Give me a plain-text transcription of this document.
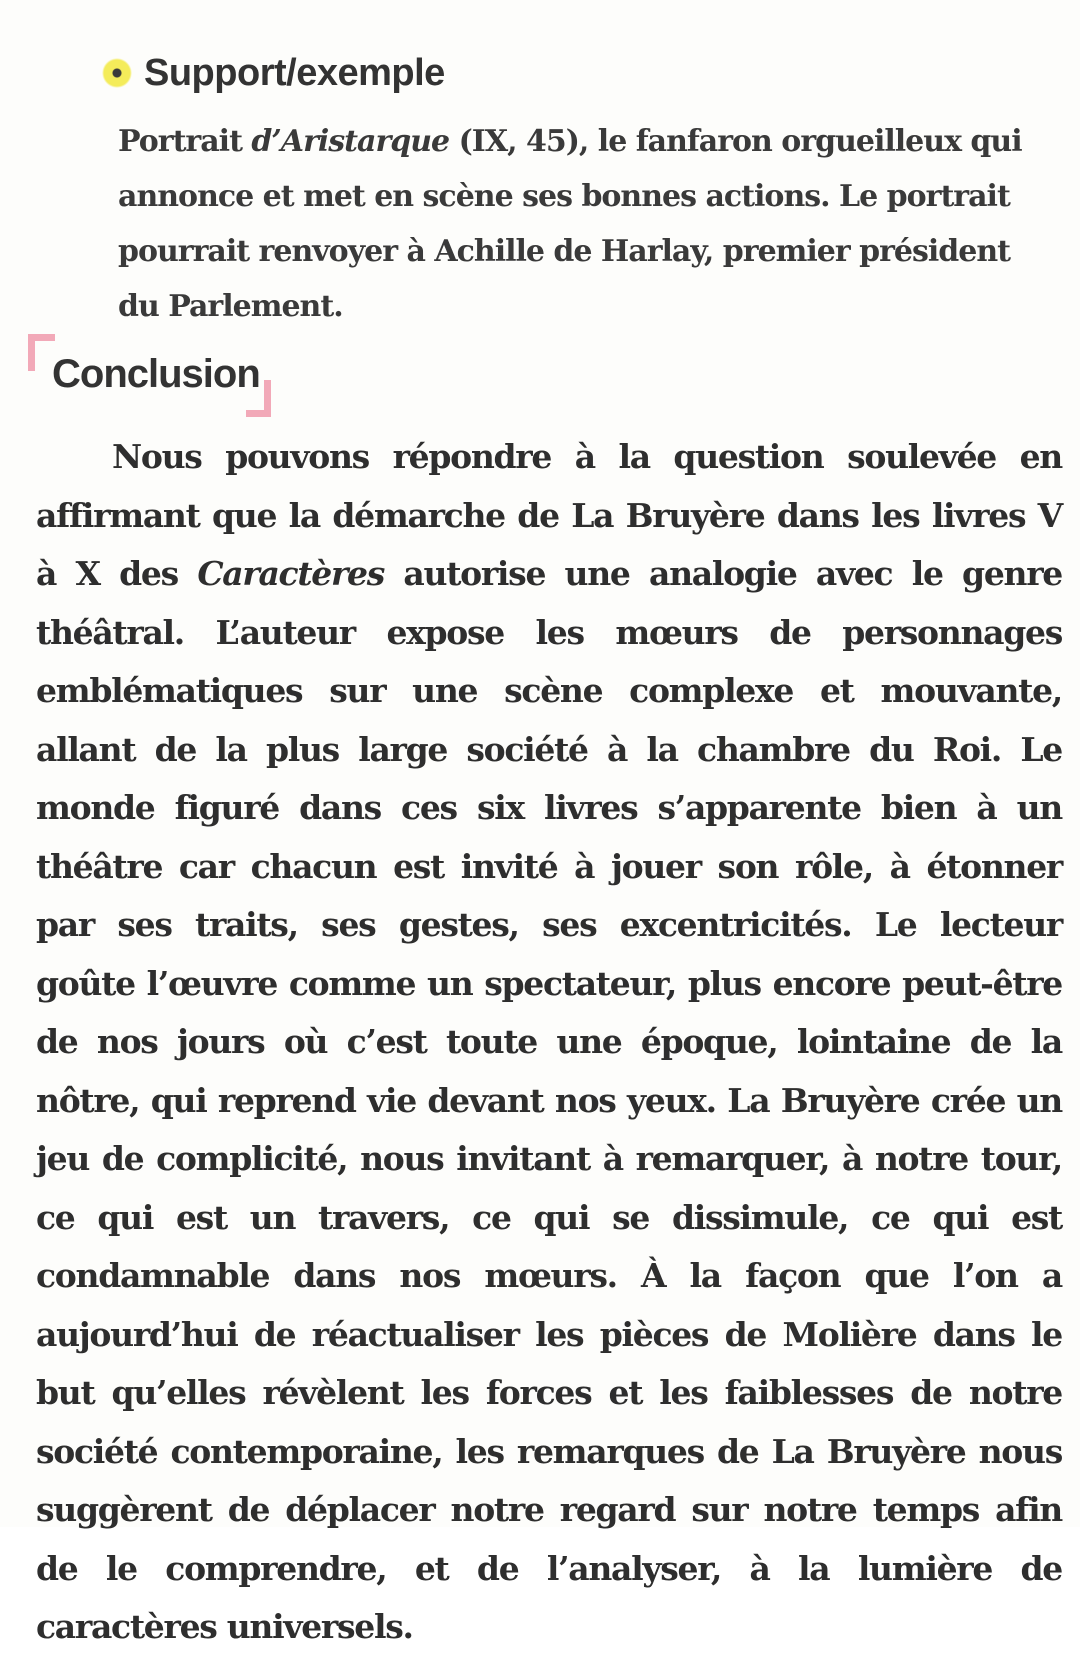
Support/exemple

Portrait d’Aristarque (IX, 45), le fanfaron orgueilleux qui annonce et met en scène ses bonnes actions. Le portrait pourrait renvoyer à Achille de Harlay, premier président du Parlement.

Conclusion

Nous pouvons répondre à la question soulevée en affirmant que la démarche de La Bruyère dans les livres V à X des Caractères autorise une analogie avec le genre théâtral. L’auteur expose les mœurs de personnages emblématiques sur une scène complexe et mouvante, allant de la plus large société à la chambre du Roi. Le monde figuré dans ces six livres s’apparente bien à un théâtre car chacun est invité à jouer son rôle, à étonner par ses traits, ses gestes, ses excentricités. Le lecteur goûte l’œuvre comme un spectateur, plus encore peut-être de nos jours où c’est toute une époque, lointaine de la nôtre, qui reprend vie devant nos yeux. La Bruyère crée un jeu de complicité, nous invitant à remarquer, à notre tour, ce qui est un travers, ce qui se dissimule, ce qui est condamnable dans nos mœurs. À la façon que l’on a aujourd’hui de réactualiser les pièces de Molière dans le but qu’elles révèlent les forces et les faiblesses de notre société contemporaine, les remarques de La Bruyère nous suggèrent de déplacer notre regard sur notre temps afin de le comprendre, et de l’analyser, à la lumière de caractères universels.
